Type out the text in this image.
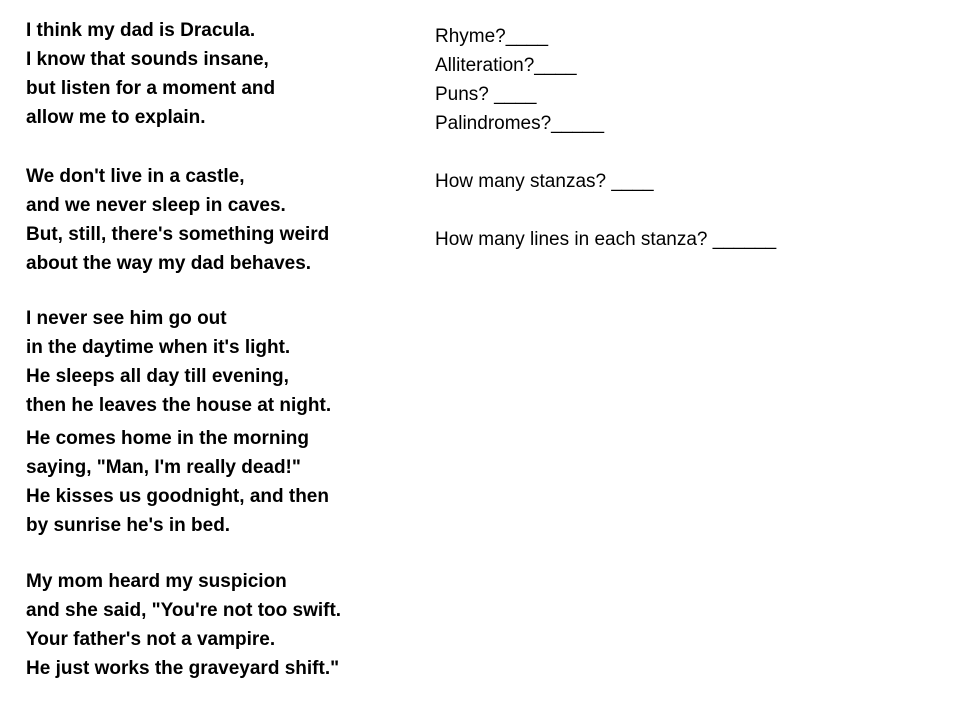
I think my dad is Dracula.
I know that sounds insane,
but listen for a moment and
allow me to explain.
We don't live in a castle,
and we never sleep in caves.
But, still, there's something weird
about the way my dad behaves.
I never see him go out
in the daytime when it's light.
He sleeps all day till evening,
then he leaves the house at night.
He comes home in the morning
saying, "Man, I'm really dead!"
He kisses us goodnight, and then
by sunrise he's in bed.
My mom heard my suspicion
and she said, "You're not too swift.
Your father's not a vampire.
He just works the graveyard shift."
Rhyme?____
Alliteration?____
Puns? ____
Palindromes?_____
How many stanzas? ____
How many lines in each stanza? ______
